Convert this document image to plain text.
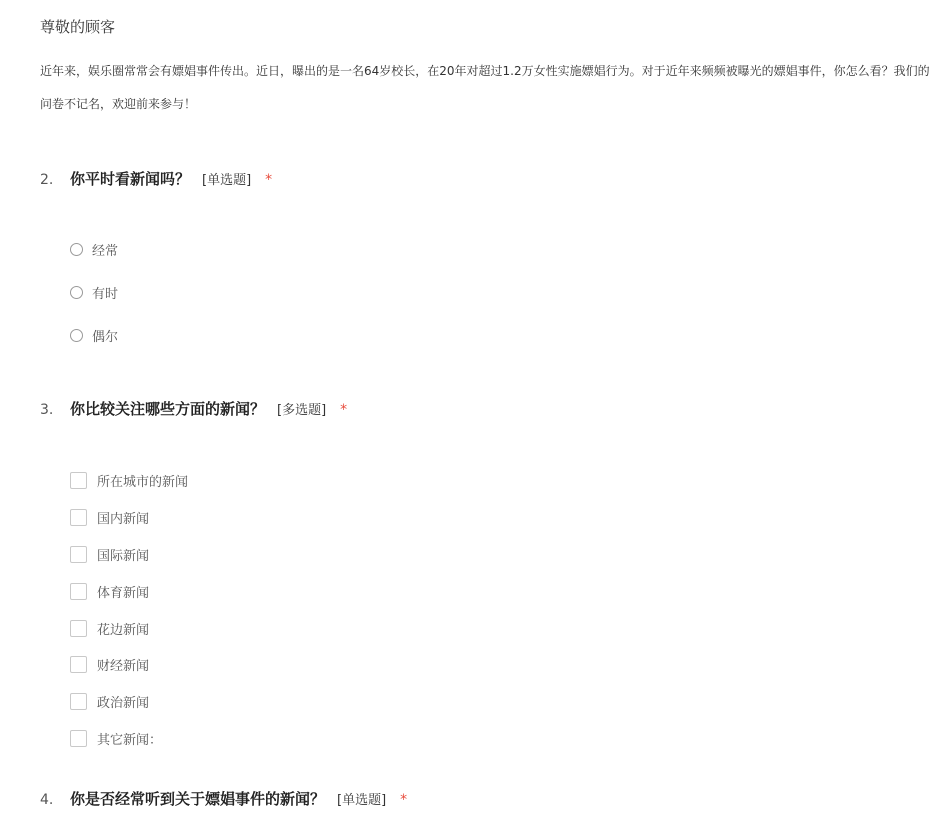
尊敬的顾客
近年来，娱乐圈常常会有嫖娼事件传出。近日，曝出的是一名64岁校长，在20年对超过1.2万女性实施嫖娼行为。对于近年来频频被曝光的嫖娼事件，你怎么看？我们的问卷不记名，欢迎前来参与！
2.	你平时看新闻吗？ [单选题] *
经常
有时
偶尔
3.	你比较关注哪些方面的新闻？ [多选题] *
所在城市的新闻
国内新闻
国际新闻
体育新闻
花边新闻
财经新闻
政治新闻
其它新闻：
4.	你是否经常听到关于嫖娼事件的新闻？ [单选题] *
